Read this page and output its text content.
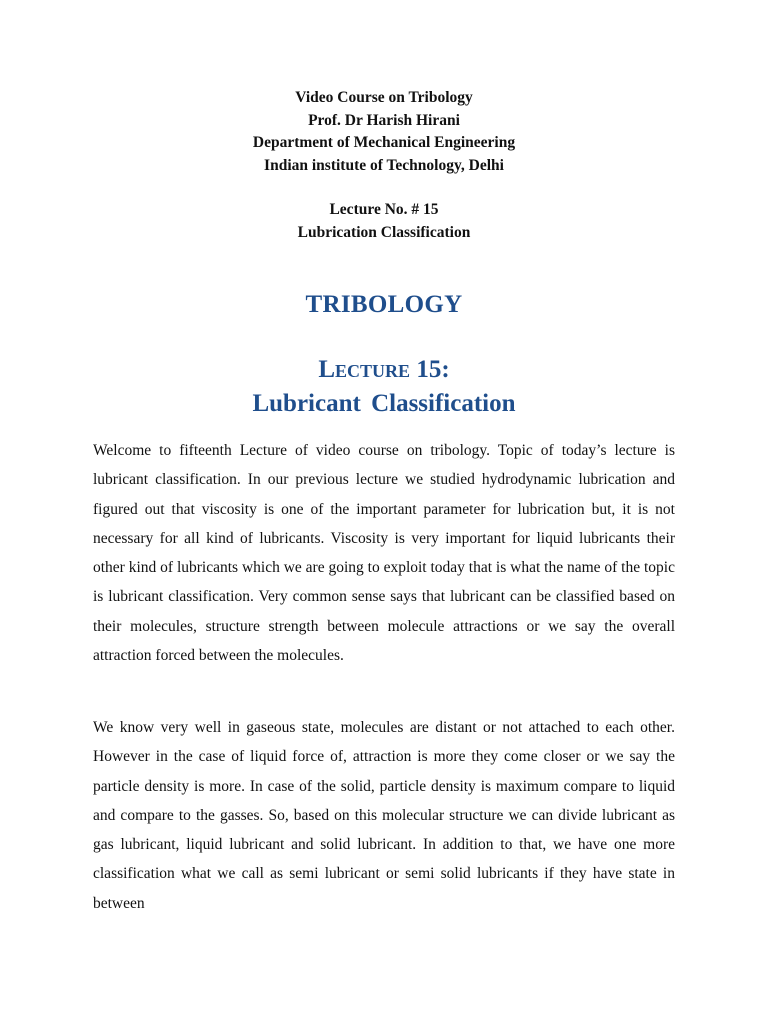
Video Course on Tribology
Prof. Dr Harish Hirani
Department of Mechanical Engineering
Indian institute of Technology, Delhi
Lecture No. # 15
Lubrication Classification
TRIBOLOGY
Lecture 15:
Lubricant Classification

Welcome to fifteenth Lecture of video course on tribology. Topic of today’s lecture is lubricant classification. In our previous lecture we studied hydrodynamic lubrication and figured out that viscosity is one of the important parameter for lubrication but, it is not necessary for all kind of lubricants. Viscosity is very important for liquid lubricants their other kind of lubricants which we are going to exploit today that is what the name of the topic is lubricant classification. Very common sense says that lubricant can be classified based on their molecules, structure strength between molecule attractions or we say the overall attraction forced between the molecules.

We know very well in gaseous state, molecules are distant or not attached to each other. However in the case of liquid force of, attraction is more they come closer or we say the particle density is more. In case of the solid, particle density is maximum compare to liquid and compare to the gasses. So, based on this molecular structure we can divide lubricant as gas lubricant, liquid lubricant and solid lubricant. In addition to that, we have one more classification what we call as semi lubricant or semi solid lubricants if they have state in between
